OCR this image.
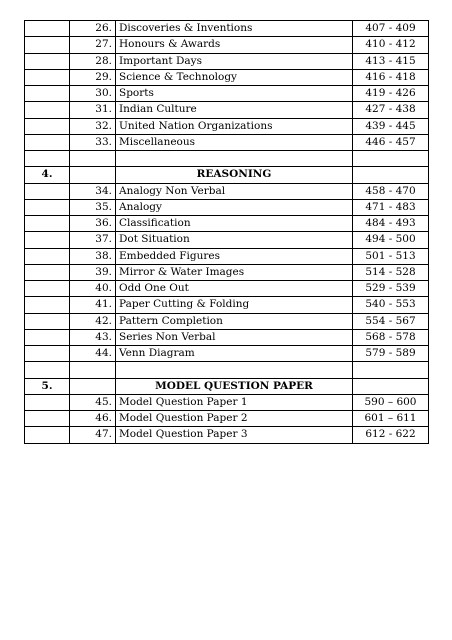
	26.	Discoveries & Inventions	407 - 409
	27.	Honours & Awards	410 - 412
	28.	Important Days	413 - 415
	29.	Science & Technology	416 - 418
	30.	Sports	419 - 426
	31.	Indian Culture	427 - 438
	32.	United Nation Organizations	439 - 445
	33.	Miscellaneous	446 - 457

4.		REASONING	
	34.	Analogy Non Verbal	458 - 470
	35.	Analogy	471 - 483
	36.	Classification	484 - 493
	37.	Dot Situation	494 - 500
	38.	Embedded Figures	501 - 513
	39.	Mirror & Water Images	514 - 528
	40.	Odd One Out	529 - 539
	41.	Paper Cutting & Folding	540 - 553
	42.	Pattern Completion	554 - 567
	43.	Series Non Verbal	568 - 578
	44.	Venn Diagram	579 - 589

5.		MODEL QUESTION PAPER	
	45.	Model Question Paper 1	590 – 600
	46.	Model Question Paper 2	601 – 611
	47.	Model Question Paper 3	612 - 622
